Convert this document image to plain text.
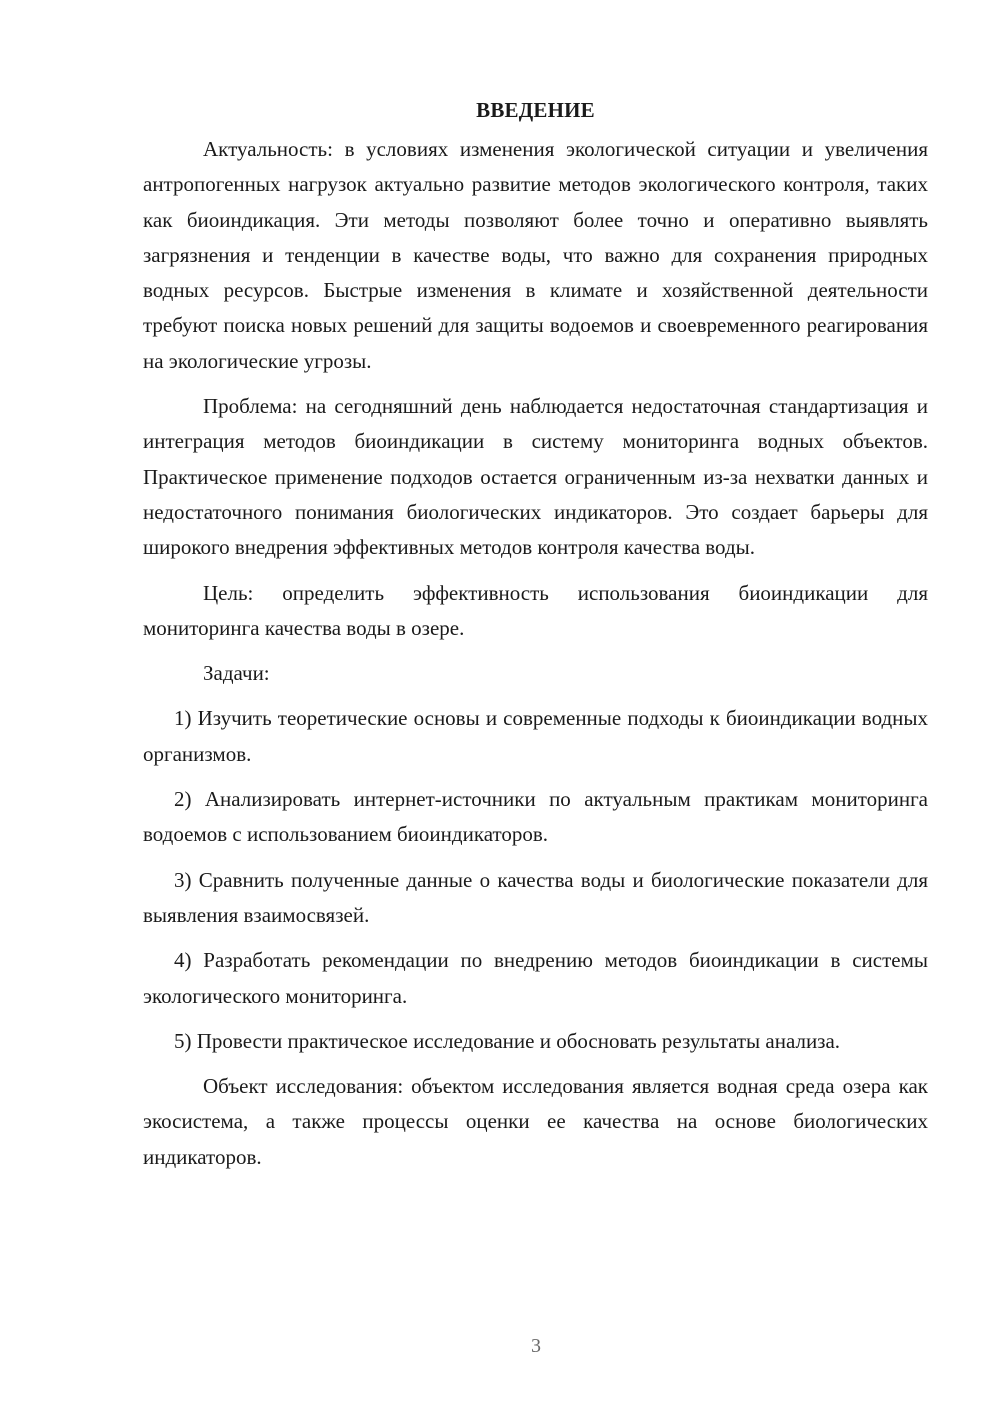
ВВЕДЕНИЕ

Актуальность: в условиях изменения экологической ситуации и увеличения антропогенных нагрузок актуально развитие методов экологического контроля, таких как биоиндикация. Эти методы позволяют более точно и оперативно выявлять загрязнения и тенденции в качестве воды, что важно для сохранения природных водных ресурсов. Быстрые изменения в климате и хозяйственной деятельности требуют поиска новых решений для защиты водоемов и своевременного реагирования на экологические угрозы.

Проблема: на сегодняшний день наблюдается недостаточная стандартизация и интеграция методов биоиндикации в систему мониторинга водных объектов. Практическое применение подходов остается ограниченным из-за нехватки данных и недостаточного понимания биологических индикаторов. Это создает барьеры для широкого внедрения эффективных методов контроля качества воды.

Цель: определить эффективность использования биоиндикации для мониторинга качества воды в озере.

Задачи:

1) Изучить теоретические основы и современные подходы к биоиндикации водных организмов.

2) Анализировать интернет-источники по актуальным практикам мониторинга водоемов с использованием биоиндикаторов.

3) Сравнить полученные данные о качества воды и биологические показатели для выявления взаимосвязей.

4) Разработать рекомендации по внедрению методов биоиндикации в системы экологического мониторинга.

5) Провести практическое исследование и обосновать результаты анализа.

Объект исследования: объектом исследования является водная среда озера как экосистема, а также процессы оценки ее качества на основе биологических индикаторов.

3
